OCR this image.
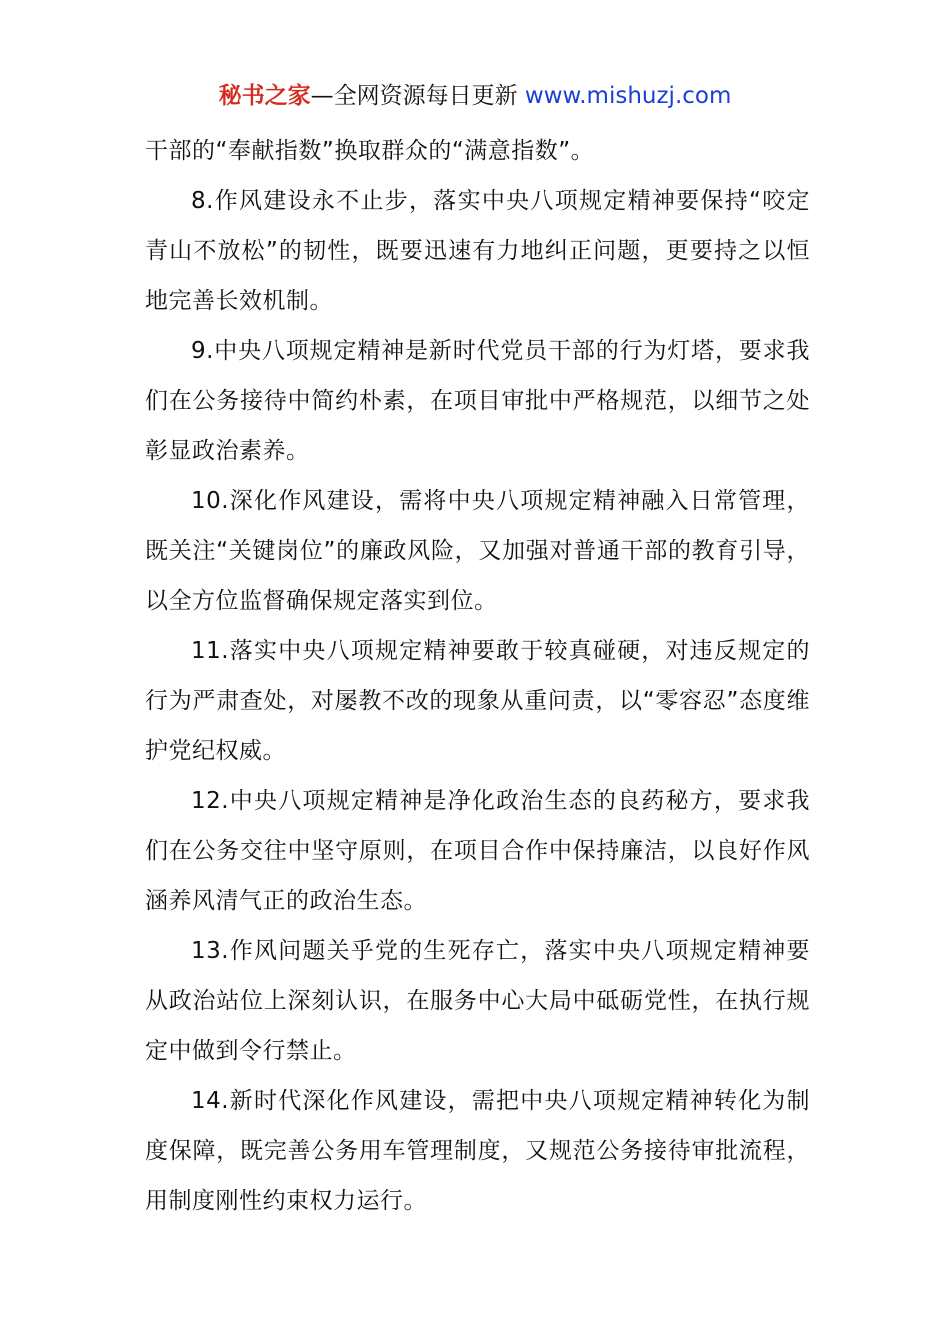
秘书之家—全网资源每日更新 www.mishuzj.com

干部的“奉献指数”换取群众的“满意指数”。

8.作风建设永不止步，落实中央八项规定精神要保持“咬定青山不放松”的韧性，既要迅速有力地纠正问题，更要持之以恒地完善长效机制。

9.中央八项规定精神是新时代党员干部的行为灯塔，要求我们在公务接待中简约朴素，在项目审批中严格规范，以细节之处彰显政治素养。

10.深化作风建设，需将中央八项规定精神融入日常管理，既关注“关键岗位”的廉政风险，又加强对普通干部的教育引导，以全方位监督确保规定落实到位。

11.落实中央八项规定精神要敢于较真碰硬，对违反规定的行为严肃查处，对屡教不改的现象从重问责，以“零容忍”态度维护党纪权威。

12.中央八项规定精神是净化政治生态的良药秘方，要求我们在公务交往中坚守原则，在项目合作中保持廉洁，以良好作风涵养风清气正的政治生态。

13.作风问题关乎党的生死存亡，落实中央八项规定精神要从政治站位上深刻认识，在服务中心大局中砥砺党性，在执行规定中做到令行禁止。

14.新时代深化作风建设，需把中央八项规定精神转化为制度保障，既完善公务用车管理制度，又规范公务接待审批流程，用制度刚性约束权力运行。
